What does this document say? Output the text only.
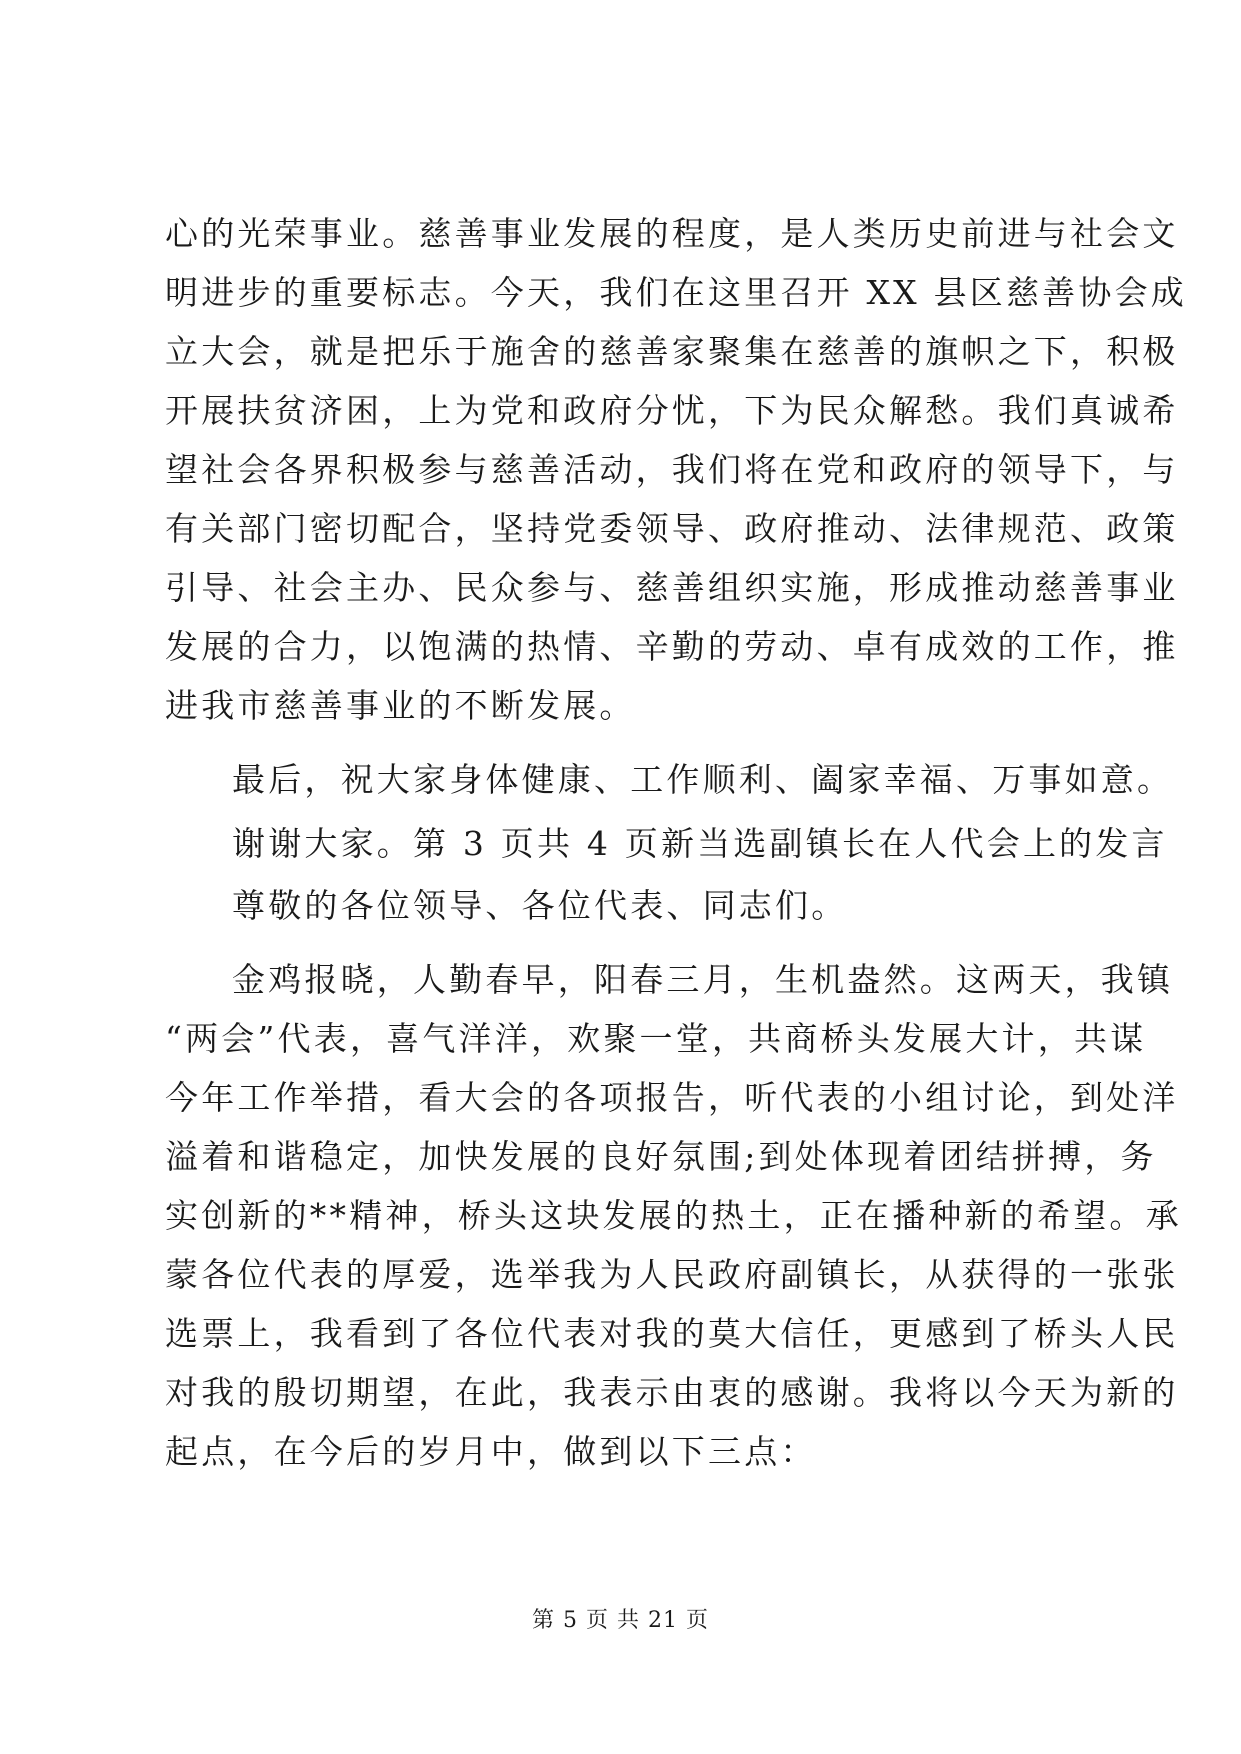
心的光荣事业。慈善事业发展的程度，是人类历史前进与社会文
明进步的重要标志。今天，我们在这里召开 XX 县区慈善协会成
立大会，就是把乐于施舍的慈善家聚集在慈善的旗帜之下，积极
开展扶贫济困，上为党和政府分忧，下为民众解愁。我们真诚希
望社会各界积极参与慈善活动，我们将在党和政府的领导下，与
有关部门密切配合，坚持党委领导、政府推动、法律规范、政策
引导、社会主办、民众参与、慈善组织实施，形成推动慈善事业
发展的合力，以饱满的热情、辛勤的劳动、卓有成效的工作，推
进我市慈善事业的不断发展。
最后，祝大家身体健康、工作顺利、阖家幸福、万事如意。
谢谢大家。第 3 页共 4 页新当选副镇长在人代会上的发言
尊敬的各位领导、各位代表、同志们。
金鸡报晓，人勤春早，阳春三月，生机盎然。这两天，我镇
“两会”代表，喜气洋洋，欢聚一堂，共商桥头发展大计，共谋
今年工作举措，看大会的各项报告，听代表的小组讨论，到处洋
溢着和谐稳定，加快发展的良好氛围;到处体现着团结拼搏，务
实创新的**精神，桥头这块发展的热土，正在播种新的希望。承
蒙各位代表的厚爱，选举我为人民政府副镇长，从获得的一张张
选票上，我看到了各位代表对我的莫大信任，更感到了桥头人民
对我的殷切期望，在此，我表示由衷的感谢。我将以今天为新的
起点，在今后的岁月中，做到以下三点：
第 5 页 共 21 页
